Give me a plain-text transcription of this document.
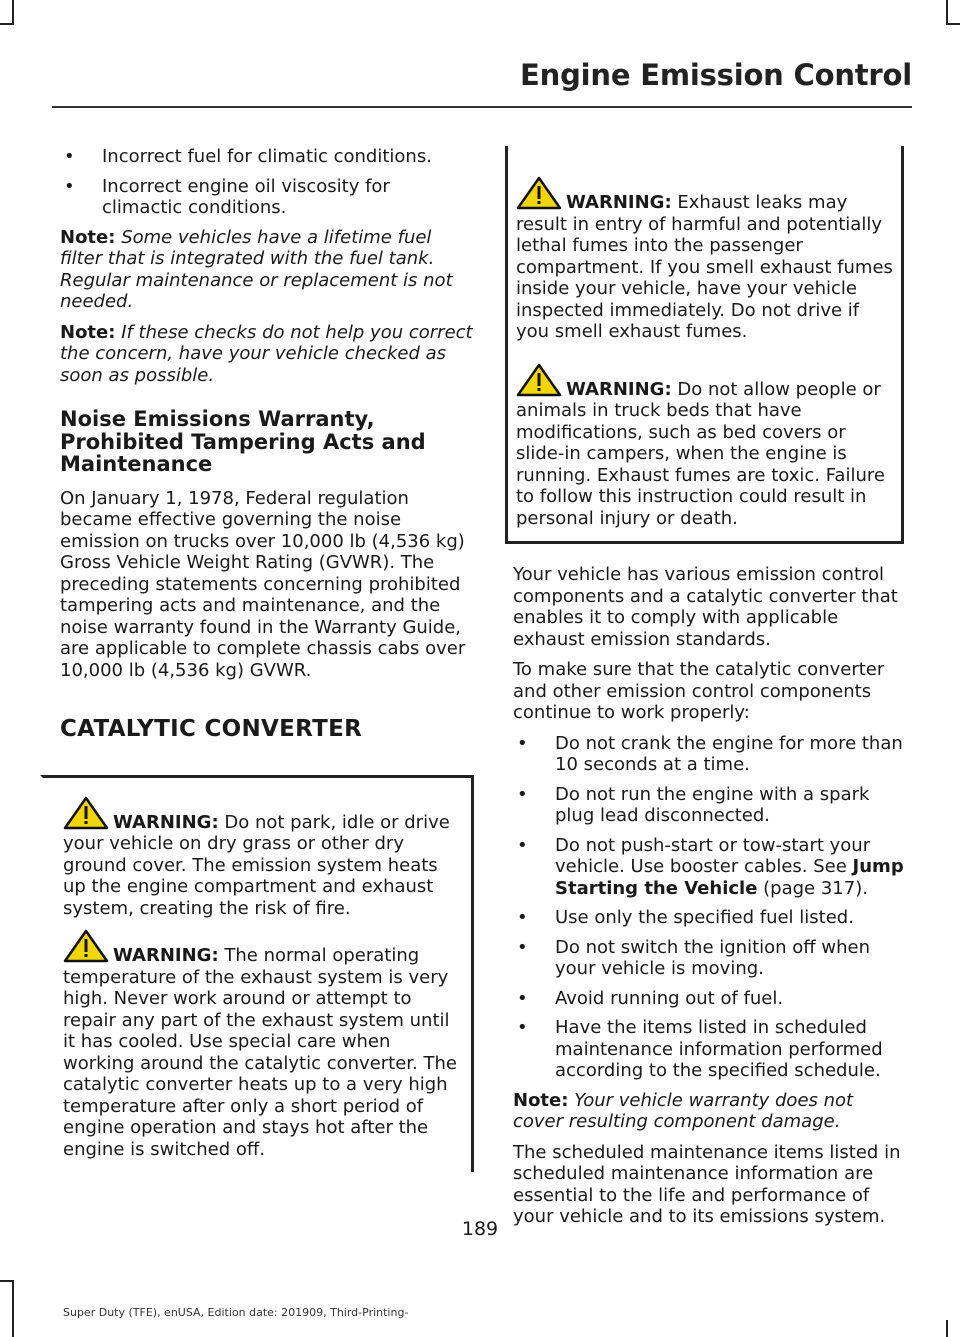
Engine Emission Control
• Incorrect fuel for climatic conditions.
• Incorrect engine oil viscosity for climactic conditions.

Note: Some vehicles have a lifetime fuel filter that is integrated with the fuel tank. Regular maintenance or replacement is not needed.

Note: If these checks do not help you correct the concern, have your vehicle checked as soon as possible.

Noise Emissions Warranty, Prohibited Tampering Acts and Maintenance

On January 1, 1978, Federal regulation became effective governing the noise emission on trucks over 10,000 lb (4,536 kg) Gross Vehicle Weight Rating (GVWR). The preceding statements concerning prohibited tampering acts and maintenance, and the noise warranty found in the Warranty Guide, are applicable to complete chassis cabs over 10,000 lb (4,536 kg) GVWR.

CATALYTIC CONVERTER

WARNING: Do not park, idle or drive your vehicle on dry grass or other dry ground cover. The emission system heats up the engine compartment and exhaust system, creating the risk of fire.

WARNING: The normal operating temperature of the exhaust system is very high. Never work around or attempt to repair any part of the exhaust system until it has cooled. Use special care when working around the catalytic converter. The catalytic converter heats up to a very high temperature after only a short period of engine operation and stays hot after the engine is switched off.

WARNING: Exhaust leaks may result in entry of harmful and potentially lethal fumes into the passenger compartment. If you smell exhaust fumes inside your vehicle, have your vehicle inspected immediately. Do not drive if you smell exhaust fumes.

WARNING: Do not allow people or animals in truck beds that have modifications, such as bed covers or slide-in campers, when the engine is running. Exhaust fumes are toxic. Failure to follow this instruction could result in personal injury or death.

Your vehicle has various emission control components and a catalytic converter that enables it to comply with applicable exhaust emission standards.

To make sure that the catalytic converter and other emission control components continue to work properly:

• Do not crank the engine for more than 10 seconds at a time.
• Do not run the engine with a spark plug lead disconnected.
• Do not push-start or tow-start your vehicle. Use booster cables. See Jump Starting the Vehicle (page 317).
• Use only the specified fuel listed.
• Do not switch the ignition off when your vehicle is moving.
• Avoid running out of fuel.
• Have the items listed in scheduled maintenance information performed according to the specified schedule.

Note: Your vehicle warranty does not cover resulting component damage.

The scheduled maintenance items listed in scheduled maintenance information are essential to the life and performance of your vehicle and to its emissions system.

189
Super Duty (TFE), enUSA, Edition date: 201909, Third-Printing-
